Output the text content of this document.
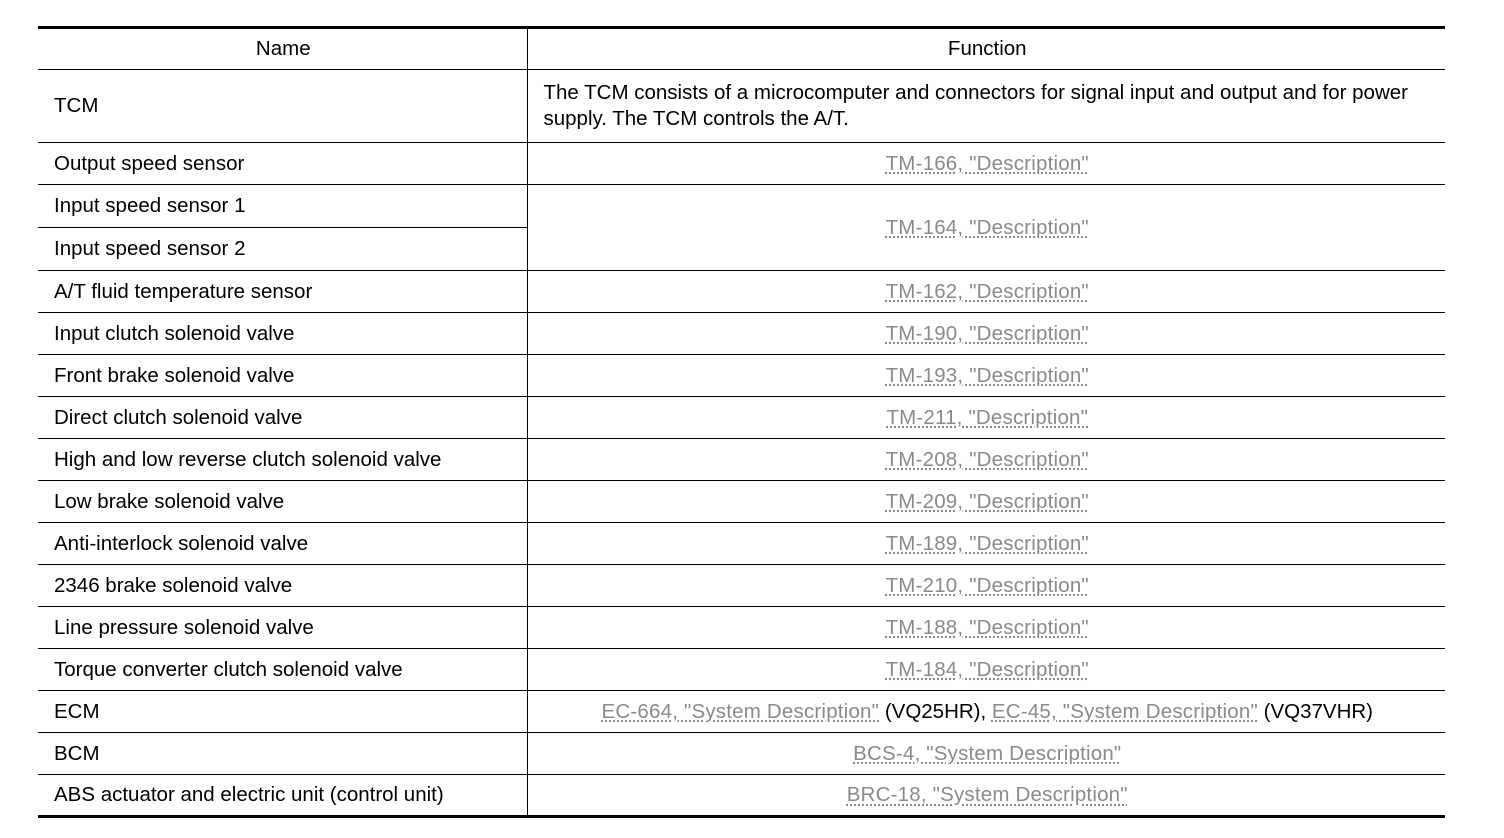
Name	Function
TCM	The TCM consists of a microcomputer and connectors for signal input and output and for power supply. The TCM controls the A/T.
Output speed sensor	TM-166, "Description"
Input speed sensor 1	TM-164, "Description"
Input speed sensor 2	
A/T fluid temperature sensor	TM-162, "Description"
Input clutch solenoid valve	TM-190, "Description"
Front brake solenoid valve	TM-193, "Description"
Direct clutch solenoid valve	TM-211, "Description"
High and low reverse clutch solenoid valve	TM-208, "Description"
Low brake solenoid valve	TM-209, "Description"
Anti-interlock solenoid valve	TM-189, "Description"
2346 brake solenoid valve	TM-210, "Description"
Line pressure solenoid valve	TM-188, "Description"
Torque converter clutch solenoid valve	TM-184, "Description"
ECM	EC-664, "System Description" (VQ25HR), EC-45, "System Description" (VQ37VHR)
BCM	BCS-4, "System Description"
ABS actuator and electric unit (control unit)	BRC-18, "System Description"
